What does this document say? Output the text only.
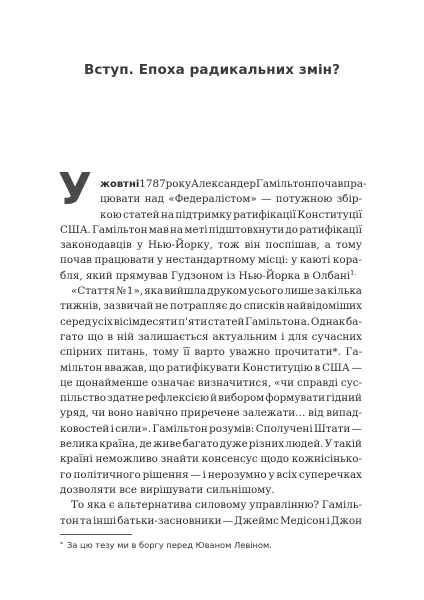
Вступ. Епоха радикальних змін?
У жовтні 1787 року Александер Гамільтон почав пра-
цювати над «Федералістом» — потужною збір-
кою статей на підтримку ратифікації Конституції
США. Гамільтон мав на меті підштовхнути до ратифікації
законодавців у Нью-Йорку, тож він поспішав, а тому
почав працювати у нестандартному місці: у каюті кора-
бля, який прямував Гудзоном із Нью-Йорка в Олбані$^{1.}$
«Стаття № 1», яка вийшла друком усього лише за кілька
тижнів, зазвичай не потрапляє до списків найвідоміших
серед усіх вісімдесяти п'яти статей Гамільтона. Однак ба-
гато що в ній залишається актуальним і для сучасних
спірних питань, тому її варто уважно прочитати*. Га-
мільтон вважав, що ратифікувати Конституцію в США —
це щонайменше означає визначитися, «чи справді сус-
пільство здатне рефлексією й вибором формувати гідний
уряд, чи воно навічно приречене залежати… від випад-
ковостей і сили». Гамільтон розумів: Сполучені Штати —
велика країна, де живе багато дуже різних людей. У такій
країні неможливо знайти консенсус щодо кожнісінько-
го політичного рішення — і нерозумно у всіх суперечках
дозволяти все вирішувати сильнішому.
То яка є альтернатива силовому управлінню? Гаміль-
тон та інші батьки-засновники — Джеймс Медісон і Джон
* За цю тезу ми в боргу перед Юваном Левіном.
